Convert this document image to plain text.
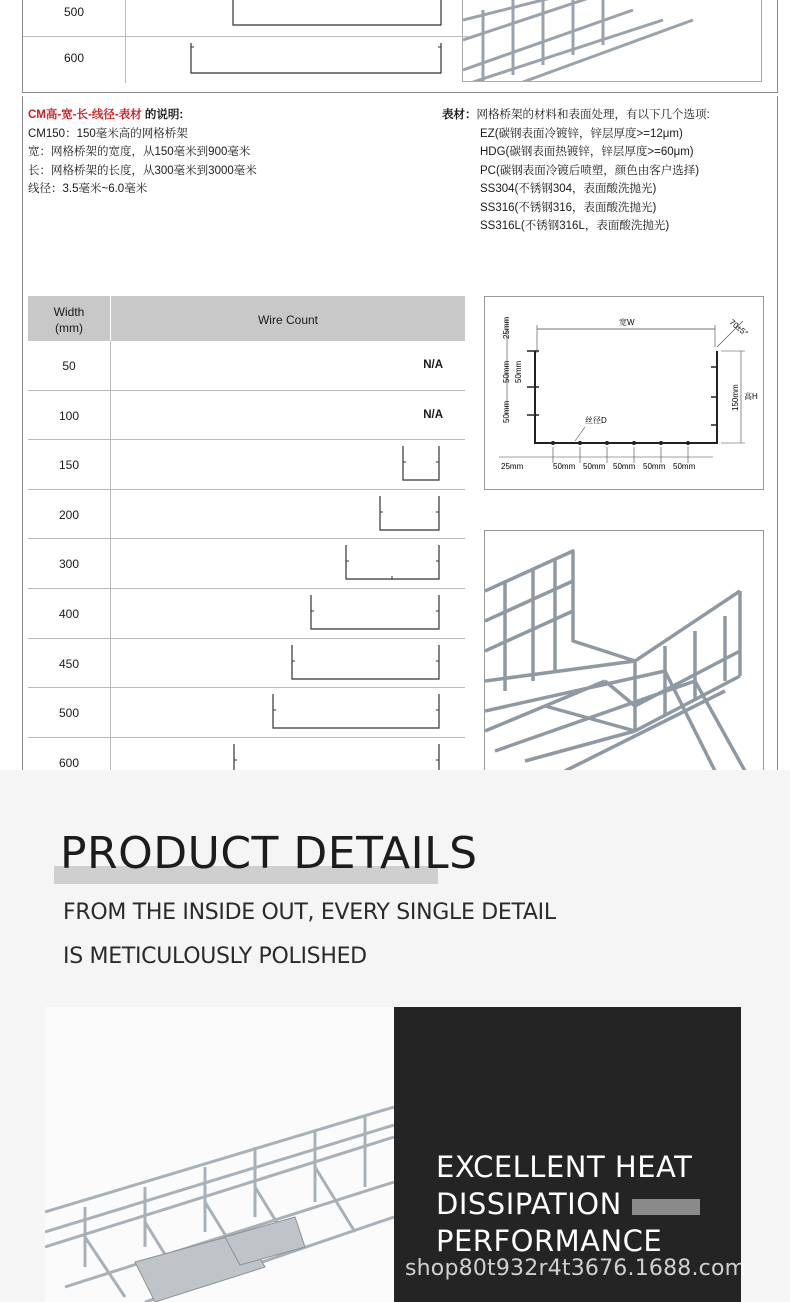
500
600
CM高-宽-长-线径-表材 的说明:
CM150：150毫米高的网格桥架
宽：网格桥架的宽度，从150毫米到900毫米
长：网格桥架的长度，从300毫米到3000毫米
线径：3.5毫米~6.0毫米
表材：网格桥架的材料和表面处理，有以下几个选项:
EZ(碳钢表面冷镀锌，锌层厚度>=12μm)
HDG(碳钢表面热镀锌，锌层厚度>=60μm)
PC(碳钢表面冷镀后喷塑，颜色由客户选择)
SS304(不锈钢304，表面酸洗抛光)
SS316(不锈钢316，表面酸洗抛光)
SS316L(不锈钢316L，表面酸洗抛光)
Width
(mm)
Wire Count
50	N/A
100	N/A
150
200
300
400
450
500
600
宽W	70±5°
25mm
50mm 50mm
50mm
150mm 高H
丝径D
25mm	50mm 50mm 50mm 50mm 50mm
PRODUCT DETAILS
FROM THE INSIDE OUT, EVERY SINGLE DETAIL
IS METICULOUSLY POLISHED
EXCELLENT HEAT
DISSIPATION
PERFORMANCE
shop80t932r4t3676.1688.com
